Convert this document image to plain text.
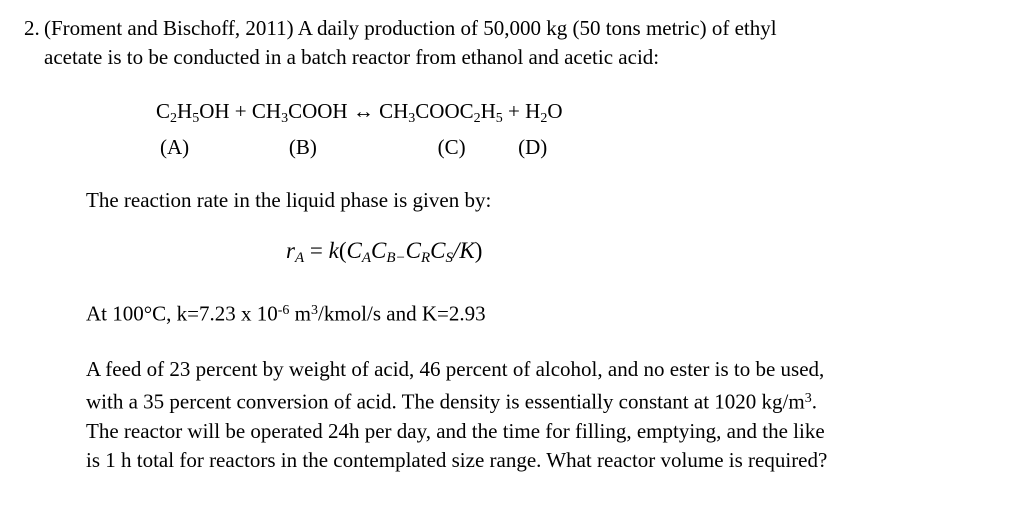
2. (Froment and Bischoff, 2011) A daily production of 50,000 kg (50 tons metric) of ethyl
acetate is to be conducted in a batch reactor from ethanol and acetic acid:
$C_2H_5OH$ + $CH_3COOH$ ↔ $CH_3COOC_2H_5 + H_2O$
(A)                   (B)                       (C)          (D)
The reaction rate in the liquid phase is given by:
rA = k(CACB−CRCS/K)
At 100°C, k=7.23 x $10^{-6}$ $m^3/kmol/s$ and K=2.93
A feed of 23 percent by weight of acid, 46 percent of alcohol, and no ester is to be used,
with a 35 percent conversion of acid. The density is essentially constant at 1020 $kg/m^3$.
The reactor will be operated 24h per day, and the time for filling, emptying, and the like
is 1 h total for reactors in the contemplated size range. What reactor volume is required?
